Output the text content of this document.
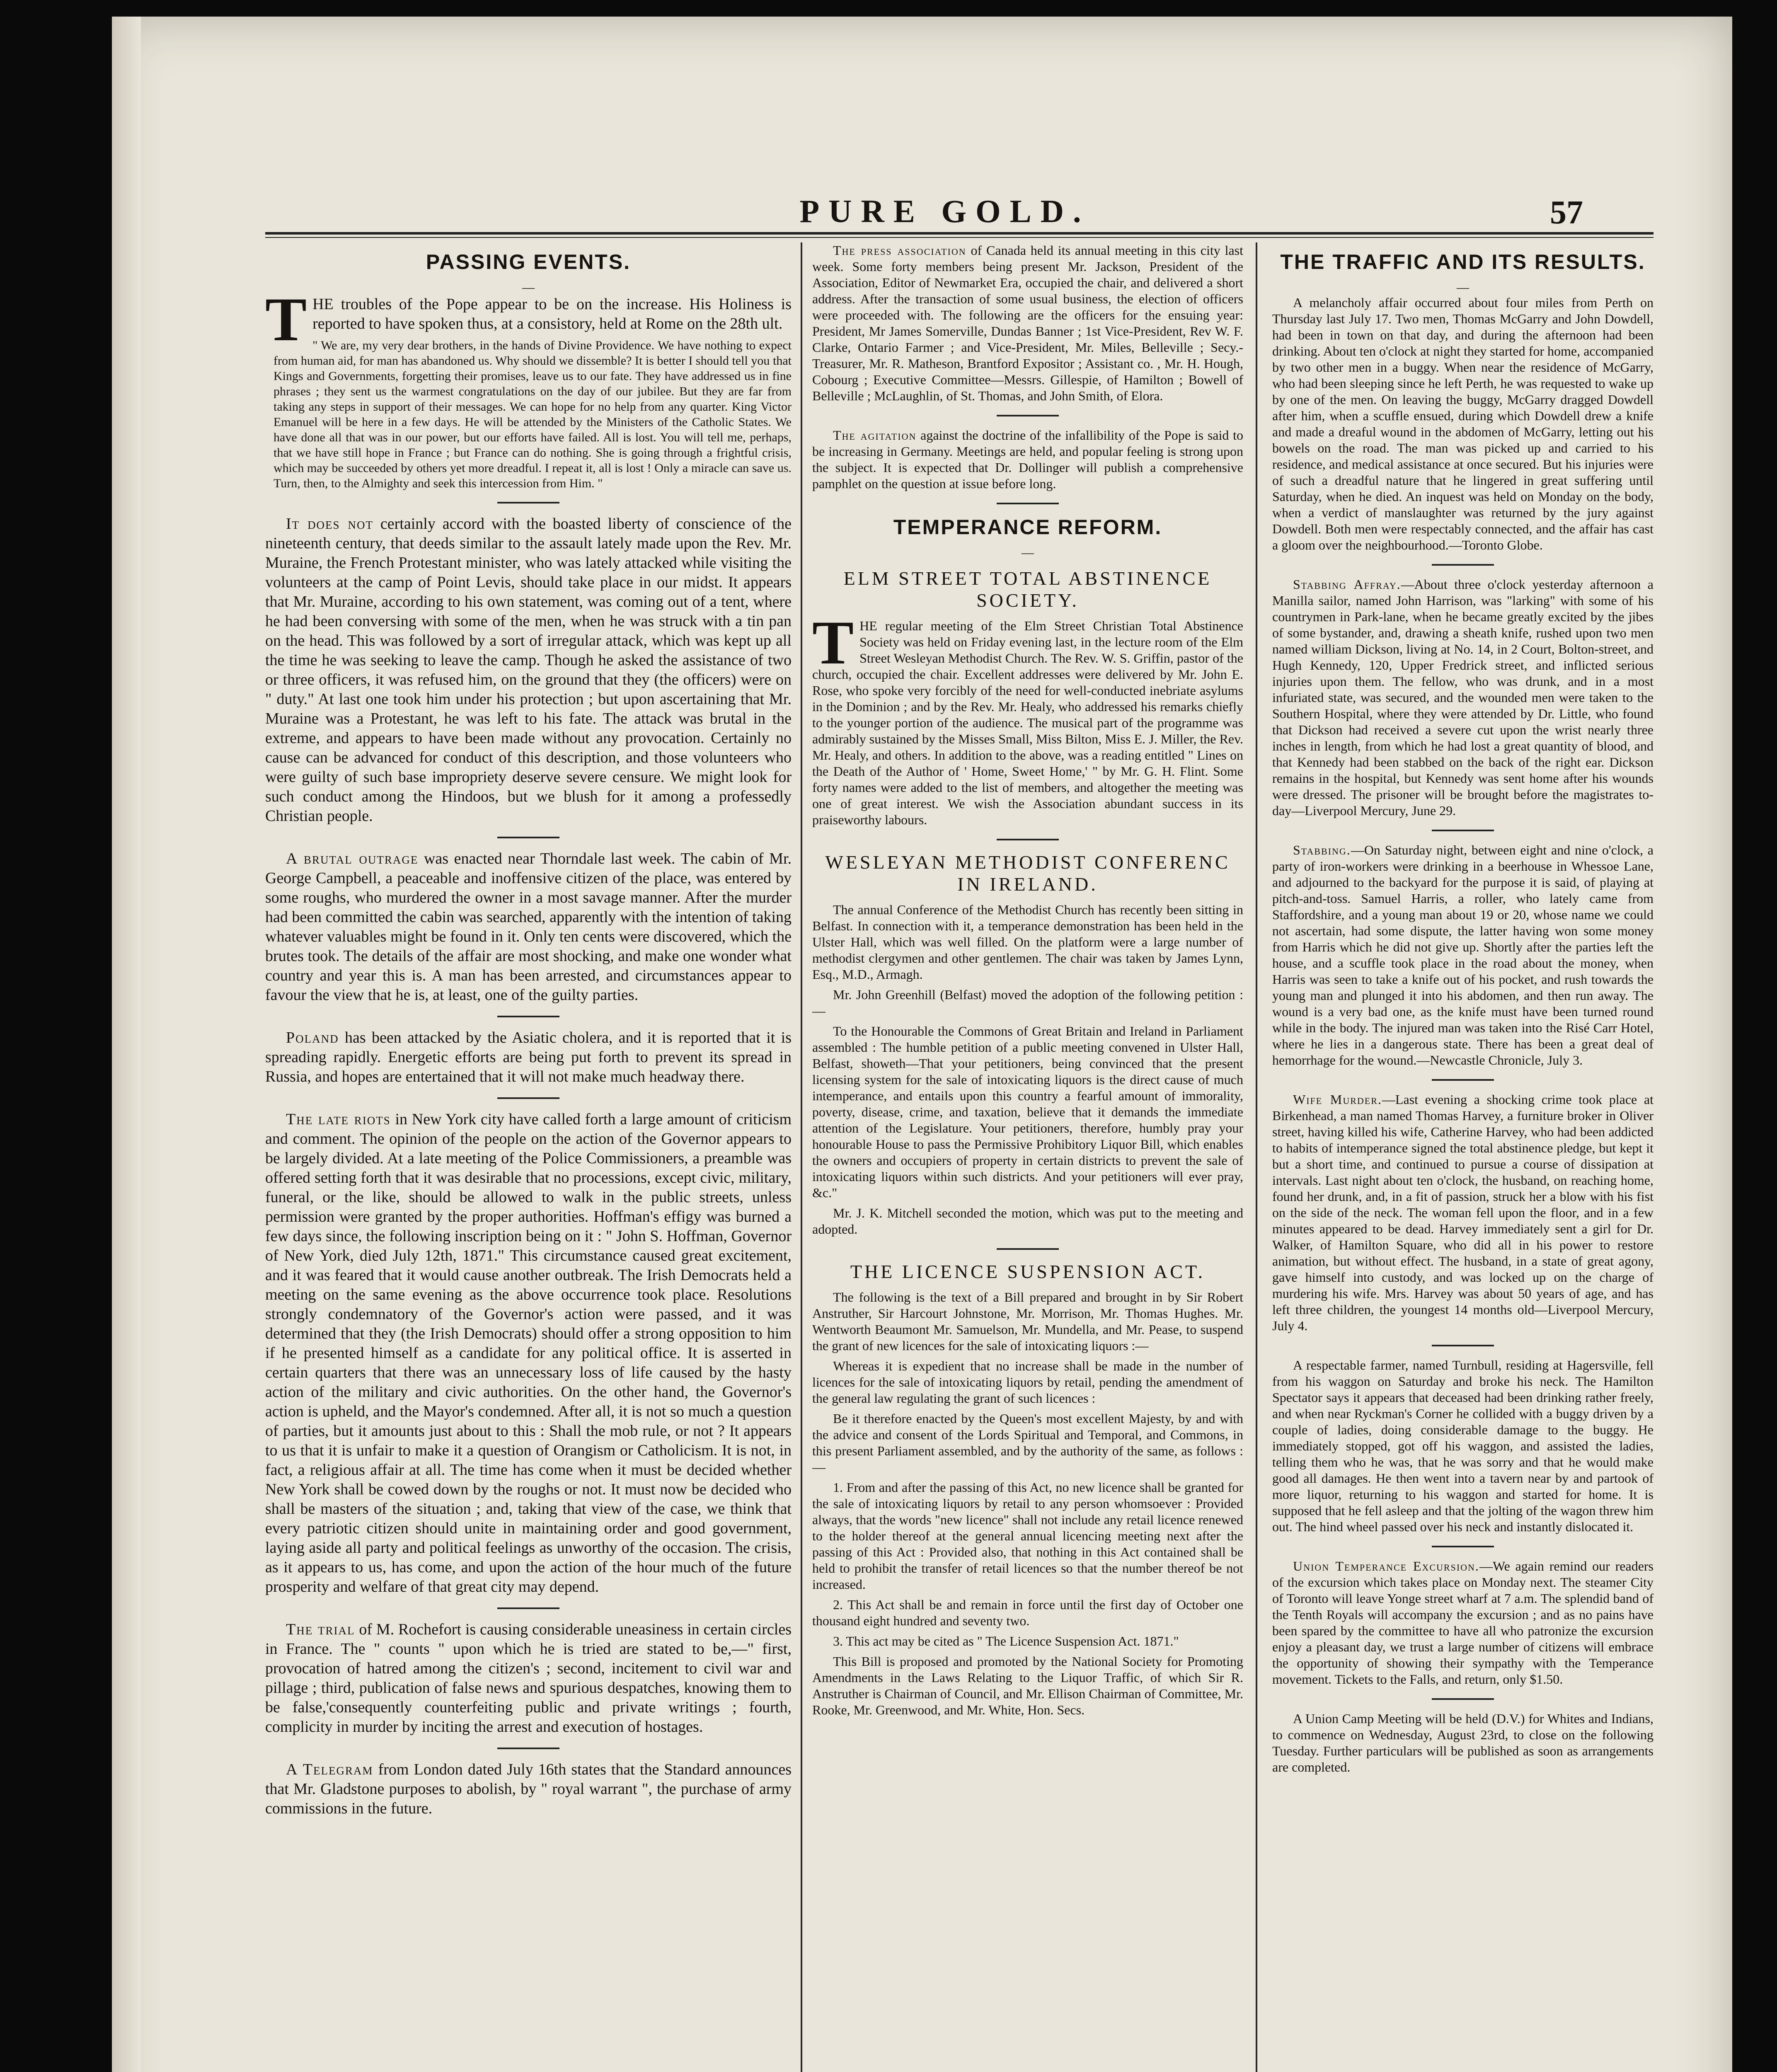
PURE GOLD.	57
PASSING EVENTS.
—

THE troubles of the Pope appear to be on the increase. His Holiness is reported to have spoken thus, at a consistory, held at Rome on the 28th ult.

" We are, my very dear brothers, in the hands of Divine Providence. We have nothing to expect from human aid, for man has abandoned us. Why should we dissemble? It is better I should tell you that Kings and Governments, forgetting their promises, leave us to our fate. They have addressed us in fine phrases ; they sent us the warmest congratulations on the day of our jubilee. But they are far from taking any steps in support of their messages. We can hope for no help from any quarter. King Victor Emanuel will be here in a few days. He will be attended by the Ministers of the Catholic States. We have done all that was in our power, but our efforts have failed. All is lost. You will tell me, perhaps, that we have still hope in France ; but France can do nothing. She is going through a frightful crisis, which may be succeeded by others yet more dreadful. I repeat it, all is lost ! Only a miracle can save us. Turn, then, to the Almighty and seek this intercession from Him. "

It does not certainly accord with the boasted liberty of conscience of the nineteenth century, that deeds similar to the assault lately made upon the Rev. Mr. Muraine, the French Protestant minister, who was lately attacked while visiting the volunteers at the camp of Point Levis, should take place in our midst. It appears that Mr. Muraine, according to his own statement, was coming out of a tent, where he had been conversing with some of the men, when he was struck with a tin pan on the head. This was followed by a sort of irregular attack, which was kept up all the time he was seeking to leave the camp. Though he asked the assistance of two or three officers, it was refused him, on the ground that they (the officers) were on " duty." At last one took him under his protection ; but upon ascertaining that Mr. Muraine was a Protestant, he was left to his fate. The attack was brutal in the extreme, and appears to have been made without any provocation. Certainly no cause can be advanced for conduct of this description, and those volunteers who were guilty of such base impropriety deserve severe censure. We might look for such conduct among the Hindoos, but we blush for it among a professedly Christian people.

A brutal outrage was enacted near Thorndale last week. The cabin of Mr. George Campbell, a peaceable and inoffensive citizen of the place, was entered by some roughs, who murdered the owner in a most savage manner. After the murder had been committed the cabin was searched, apparently with the intention of taking whatever valuables might be found in it. Only ten cents were discovered, which the brutes took. The details of the affair are most shocking, and make one wonder what country and year this is. A man has been arrested, and circumstances appear to favour the view that he is, at least, one of the guilty parties.

Poland has been attacked by the Asiatic cholera, and it is reported that it is spreading rapidly. Energetic efforts are being put forth to prevent its spread in Russia, and hopes are entertained that it will not make much headway there.

The late riots in New York city have called forth a large amount of criticism and comment. The opinion of the people on the action of the Governor appears to be largely divided. At a late meeting of the Police Commissioners, a preamble was offered setting forth that it was desirable that no processions, except civic, military, funeral, or the like, should be allowed to walk in the public streets, unless permission were granted by the proper authorities. Hoffman's effigy was burned a few days since, the following inscription being on it : " John S. Hoffman, Governor of New York, died July 12th, 1871." This circumstance caused great excitement, and it was feared that it would cause another outbreak. The Irish Democrats held a meeting on the same evening as the above occurrence took place. Resolutions strongly condemnatory of the Governor's action were passed, and it was determined that they (the Irish Democrats) should offer a strong opposition to him if he presented himself as a candidate for any political office. It is asserted in certain quarters that there was an unnecessary loss of life caused by the hasty action of the military and civic authorities. On the other hand, the Governor's action is upheld, and the Mayor's condemned. After all, it is not so much a question of parties, but it amounts just about to this : Shall the mob rule, or not ? It appears to us that it is unfair to make it a question of Orangism or Catholicism. It is not, in fact, a religious affair at all. The time has come when it must be decided whether New York shall be cowed down by the roughs or not. It must now be decided who shall be masters of the situation ; and, taking that view of the case, we think that every patriotic citizen should unite in maintaining order and good government, laying aside all party and political feelings as unworthy of the occasion. The crisis, as it appears to us, has come, and upon the action of the hour much of the future prosperity and welfare of that great city may depend.

The trial of M. Rochefort is causing considerable uneasiness in certain circles in France. The " counts " upon which he is tried are stated to be,—" first, provocation of hatred among the citizen's ; second, incitement to civil war and pillage ; third, publication of false news and spurious despatches, knowing them to be false,'consequently counterfeiting public and private writings ; fourth, complicity in murder by inciting the arrest and execution of hostages.

A Telegram from London dated July 16th states that the Standard announces that Mr. Gladstone purposes to abolish, by " royal warrant ", the purchase of army commissions in the future.

The press association of Canada held its annual meeting in this city last week. Some forty members being present Mr. Jackson, President of the Association, Editor of Newmarket Era, occupied the chair, and delivered a short address. After the transaction of some usual business, the election of officers were proceeded with. The following are the officers for the ensuing year: President, Mr James Somerville, Dundas Banner ; 1st Vice-President, Rev W. F. Clarke, Ontario Farmer ; and Vice-President, Mr. Miles, Belleville ; Secy.- Treasurer, Mr. R. Matheson, Brantford Expositor ; Assistant co. , Mr. H. Hough, Cobourg ; Executive Committee—Messrs. Gillespie, of Hamilton ; Bowell of Belleville ; McLaughlin, of St. Thomas, and John Smith, of Elora.

The agitation against the doctrine of the infallibility of the Pope is said to be increasing in Germany. Meetings are held, and popular feeling is strong upon the subject. It is expected that Dr. Dollinger will publish a comprehensive pamphlet on the question at issue before long.

TEMPERANCE REFORM.
—
ELM STREET TOTAL ABSTINENCE SOCIETY.

THE regular meeting of the Elm Street Christian Total Abstinence Society was held on Friday evening last, in the lecture room of the Elm Street Wesleyan Methodist Church. The Rev. W. S. Griffin, pastor of the church, occupied the chair. Excellent addresses were delivered by Mr. John E. Rose, who spoke very forcibly of the need for well-conducted inebriate asylums in the Dominion ; and by the Rev. Mr. Healy, who addressed his remarks chiefly to the younger portion of the audience. The musical part of the programme was admirably sustained by the Misses Small, Miss Bilton, Miss E. J. Miller, the Rev. Mr. Healy, and others. In addition to the above, was a reading entitled " Lines on the Death of the Author of ' Home, Sweet Home,' " by Mr. G. H. Flint. Some forty names were added to the list of members, and altogether the meeting was one of great interest. We wish the Association abundant success in its praiseworthy labours.

WESLEYAN METHODIST CONFERENC IN IRELAND.

The annual Conference of the Methodist Church has recently been sitting in Belfast. In connection with it, a temperance demonstration has been held in the Ulster Hall, which was well filled. On the platform were a large number of methodist clergymen and other gentlemen. The chair was taken by James Lynn, Esq., M.D., Armagh.

Mr. John Greenhill (Belfast) moved the adoption of the following petition :—

To the Honourable the Commons of Great Britain and Ireland in Parliament assembled : The humble petition of a public meeting convened in Ulster Hall, Belfast, showeth—That your petitioners, being convinced that the present licensing system for the sale of intoxicating liquors is the direct cause of much intemperance, and entails upon this country a fearful amount of immorality, poverty, disease, crime, and taxation, believe that it demands the immediate attention of the Legislature. Your petitioners, therefore, humbly pray your honourable House to pass the Permissive Prohibitory Liquor Bill, which enables the owners and occupiers of property in certain districts to prevent the sale of intoxicating liquors within such districts. And your petitioners will ever pray, &c."

Mr. J. K. Mitchell seconded the motion, which was put to the meeting and adopted.

THE LICENCE SUSPENSION ACT.

The following is the text of a Bill prepared and brought in by Sir Robert Anstruther, Sir Harcourt Johnstone, Mr. Morrison, Mr. Thomas Hughes. Mr. Wentworth Beaumont Mr. Samuelson, Mr. Mundella, and Mr. Pease, to suspend the grant of new licences for the sale of intoxicating liquors :—

Whereas it is expedient that no increase shall be made in the number of licences for the sale of intoxicating liquors by retail, pending the amendment of the general law regulating the grant of such licences :

Be it therefore enacted by the Queen's most excellent Majesty, by and with the advice and consent of the Lords Spiritual and Temporal, and Commons, in this present Parliament assembled, and by the authority of the same, as follows :—

1. From and after the passing of this Act, no new licence shall be granted for the sale of intoxicating liquors by retail to any person whomsoever : Provided always, that the words "new licence" shall not include any retail licence renewed to the holder thereof at the general annual licencing meeting next after the passing of this Act : Provided also, that nothing in this Act contained shall be held to prohibit the transfer of retail licences so that the number thereof be not increased.

2. This Act shall be and remain in force until the first day of October one thousand eight hundred and seventy two.

3. This act may be cited as " The Licence Suspension Act. 1871."

This Bill is proposed and promoted by the National Society for Promoting Amendments in the Laws Relating to the Liquor Traffic, of which Sir R. Anstruther is Chairman of Council, and Mr. Ellison Chairman of Committee, Mr. Rooke, Mr. Greenwood, and Mr. White, Hon. Secs.

THE TRAFFIC AND ITS RESULTS.
—

A melancholy affair occurred about four miles from Perth on Thursday last July 17. Two men, Thomas McGarry and John Dowdell, had been in town on that day, and during the afternoon had been drinking. About ten o'clock at night they started for home, accompanied by two other men in a buggy. When near the residence of McGarry, who had been sleeping since he left Perth, he was requested to wake up by one of the men. On leaving the buggy, McGarry dragged Dowdell after him, when a scuffle ensued, during which Dowdell drew a knife and made a dreaful wound in the abdomen of McGarry, letting out his bowels on the road. The man was picked up and carried to his residence, and medical assistance at once secured. But his injuries were of such a dreadful nature that he lingered in great suffering until Saturday, when he died. An inquest was held on Monday on the body, when a verdict of manslaughter was returned by the jury against Dowdell. Both men were respectably connected, and the affair has cast a gloom over the neighbourhood.—Toronto Globe.

Stabbing Affray.—About three o'clock yesterday afternoon a Manilla sailor, named John Harrison, was "larking" with some of his countrymen in Park-lane, when he became greatly excited by the jibes of some bystander, and, drawing a sheath knife, rushed upon two men named william Dickson, living at No. 14, in 2 Court, Bolton-street, and Hugh Kennedy, 120, Upper Fredrick street, and inflicted serious injuries upon them. The fellow, who was drunk, and in a most infuriated state, was secured, and the wounded men were taken to the Southern Hospital, where they were attended by Dr. Little, who found that Dickson had received a severe cut upon the wrist nearly three inches in length, from which he had lost a great quantity of blood, and that Kennedy had been stabbed on the back of the right ear. Dickson remains in the hospital, but Kennedy was sent home after his wounds were dressed. The prisoner will be brought before the magistrates to-day—Liverpool Mercury, June 29.

Stabbing.—On Saturday night, between eight and nine o'clock, a party of iron-workers were drinking in a beerhouse in Whessoe Lane, and adjourned to the backyard for the purpose it is said, of playing at pitch-and-toss. Samuel Harris, a roller, who lately came from Staffordshire, and a young man about 19 or 20, whose name we could not ascertain, had some dispute, the latter having won some money from Harris which he did not give up. Shortly after the parties left the house, and a scuffle took place in the road about the money, when Harris was seen to take a knife out of his pocket, and rush towards the young man and plunged it into his abdomen, and then run away. The wound is a very bad one, as the knife must have been turned round while in the body. The injured man was taken into the Risé Carr Hotel, where he lies in a dangerous state. There has been a great deal of hemorrhage for the wound.—Newcastle Chronicle, July 3.

Wife Murder.—Last evening a shocking crime took place at Birkenhead, a man named Thomas Harvey, a furniture broker in Oliver street, having killed his wife, Catherine Harvey, who had been addicted to habits of intemperance signed the total abstinence pledge, but kept it but a short time, and continued to pursue a course of dissipation at intervals. Last night about ten o'clock, the husband, on reaching home, found her drunk, and, in a fit of passion, struck her a blow with his fist on the side of the neck. The woman fell upon the floor, and in a few minutes appeared to be dead. Harvey immediately sent a girl for Dr. Walker, of Hamilton Square, who did all in his power to restore animation, but without effect. The husband, in a state of great agony, gave himself into custody, and was locked up on the charge of murdering his wife. Mrs. Harvey was about 50 years of age, and has left three children, the youngest 14 months old—Liverpool Mercury, July 4.

A respectable farmer, named Turnbull, residing at Hagersville, fell from his waggon on Saturday and broke his neck. The Hamilton Spectator says it appears that deceased had been drinking rather freely, and when near Ryckman's Corner he collided with a buggy driven by a couple of ladies, doing considerable damage to the buggy. He immediately stopped, got off his waggon, and assisted the ladies, telling them who he was, that he was sorry and that he would make good all damages. He then went into a tavern near by and partook of more liquor, returning to his waggon and started for home. It is supposed that he fell asleep and that the jolting of the wagon threw him out. The hind wheel passed over his neck and instantly dislocated it.

Union Temperance Excursion.—We again remind our readers of the excursion which takes place on Monday next. The steamer City of Toronto will leave Yonge street wharf at 7 a.m. The splendid band of the Tenth Royals will accompany the excursion ; and as no pains have been spared by the committee to have all who patronize the excursion enjoy a pleasant day, we trust a large number of citizens will embrace the opportunity of showing their sympathy with the Temperance movement. Tickets to the Falls, and return, only $1.50.

A Union Camp Meeting will be held (D.V.) for Whites and Indians, to commence on Wednesday, August 23rd, to close on the following Tuesday. Further particulars will be published as soon as arrangements are completed.
